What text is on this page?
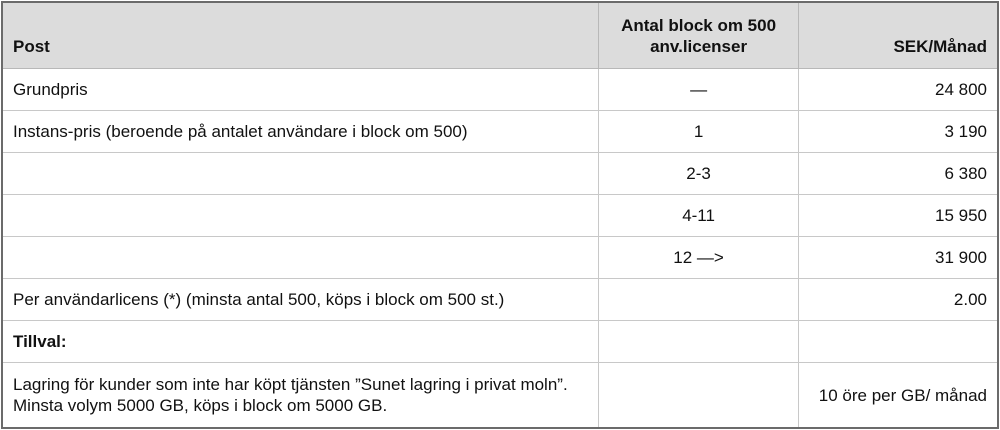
Post	Antal block om 500 anv.licenser	SEK/Månad
Grundpris	—	24 800
Instans-pris (beroende på antalet användare i block om 500)	1	3 190
	2-3	6 380
	4-11	15 950
	12 —>	31 900
Per användarlicens (*) (minsta antal 500, köps i block om 500 st.)		2.00
Tillval:		
Lagring för kunder som inte har köpt tjänsten ”Sunet lagring i privat moln”. Minsta volym 5000 GB, köps i block om 5000 GB.		10 öre per GB/ månad
